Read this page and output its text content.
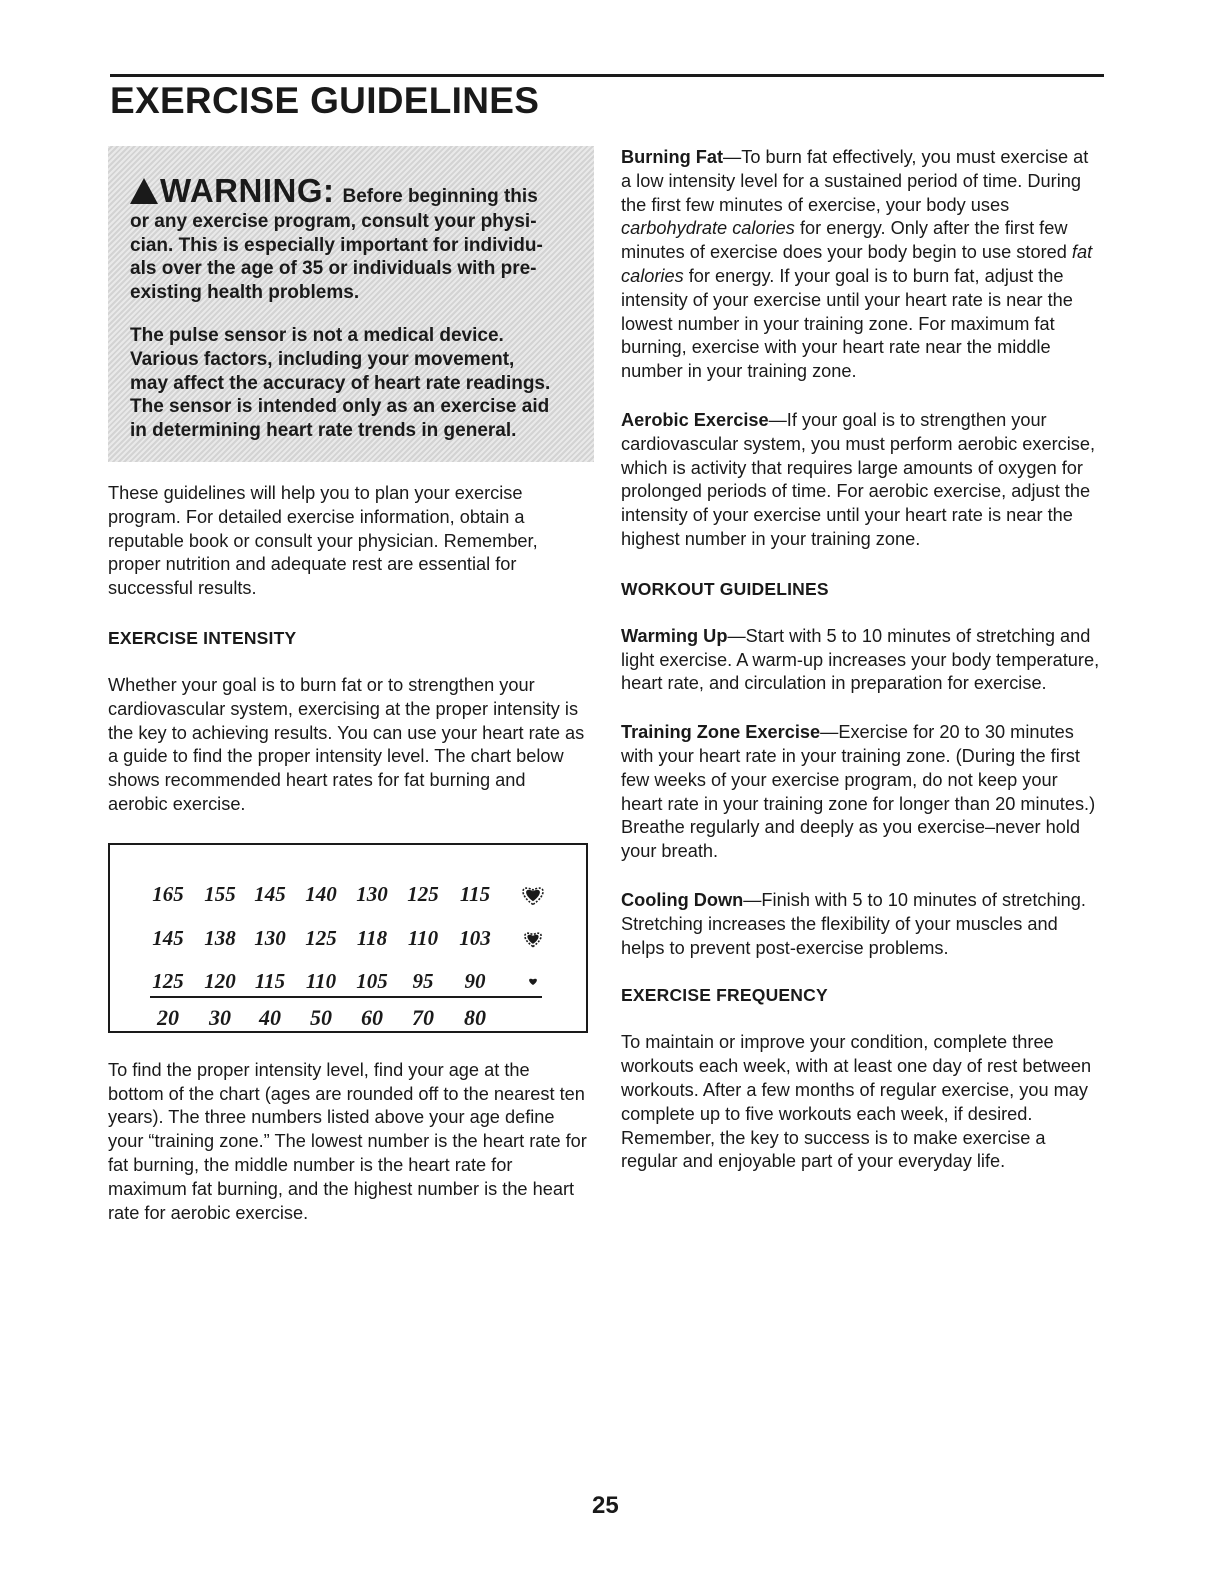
EXERCISE GUIDELINES
WARNING: Before beginning this
or any exercise program, consult your physi-
cian. This is especially important for individu-
als over the age of 35 or individuals with pre-
existing health problems.
The pulse sensor is not a medical device.
Various factors, including your movement,
may affect the accuracy of heart rate readings.
The sensor is intended only as an exercise aid
in determining heart rate trends in general.

These guidelines will help you to plan your exercise program. For detailed exercise information, obtain a reputable book or consult your physician. Remember, proper nutrition and adequate rest are essential for successful results.

EXERCISE INTENSITY

Whether your goal is to burn fat or to strengthen your cardiovascular system, exercising at the proper intensity is the key to achieving results. You can use your heart rate as a guide to find the proper intensity level. The chart below shows recommended heart rates for fat burning and aerobic exercise.

165 155 145 140 130 125 115
145 138 130 125 118 110 103
125 120 115 110 105 95 90
20 30 40 50 60 70 80

To find the proper intensity level, find your age at the bottom of the chart (ages are rounded off to the nearest ten years). The three numbers listed above your age define your “training zone.” The lowest number is the heart rate for fat burning, the middle number is the heart rate for maximum fat burning, and the highest number is the heart rate for aerobic exercise.

Burning Fat—To burn fat effectively, you must exercise at a low intensity level for a sustained period of time. During the first few minutes of exercise, your body uses carbohydrate calories for energy. Only after the first few minutes of exercise does your body begin to use stored fat calories for energy. If your goal is to burn fat, adjust the intensity of your exercise until your heart rate is near the lowest number in your training zone. For maximum fat burning, exercise with your heart rate near the middle number in your training zone.

Aerobic Exercise—If your goal is to strengthen your cardiovascular system, you must perform aerobic exercise, which is activity that requires large amounts of oxygen for prolonged periods of time. For aerobic exercise, adjust the intensity of your exercise until your heart rate is near the highest number in your training zone.

WORKOUT GUIDELINES

Warming Up—Start with 5 to 10 minutes of stretching and light exercise. A warm-up increases your body temperature, heart rate, and circulation in preparation for exercise.

Training Zone Exercise—Exercise for 20 to 30 minutes with your heart rate in your training zone. (During the first few weeks of your exercise program, do not keep your heart rate in your training zone for longer than 20 minutes.) Breathe regularly and deeply as you exercise–never hold your breath.

Cooling Down—Finish with 5 to 10 minutes of stretching. Stretching increases the flexibility of your muscles and helps to prevent post-exercise problems.

EXERCISE FREQUENCY

To maintain or improve your condition, complete three workouts each week, with at least one day of rest between workouts. After a few months of regular exercise, you may complete up to five workouts each week, if desired. Remember, the key to success is to make exercise a regular and enjoyable part of your everyday life.

25
